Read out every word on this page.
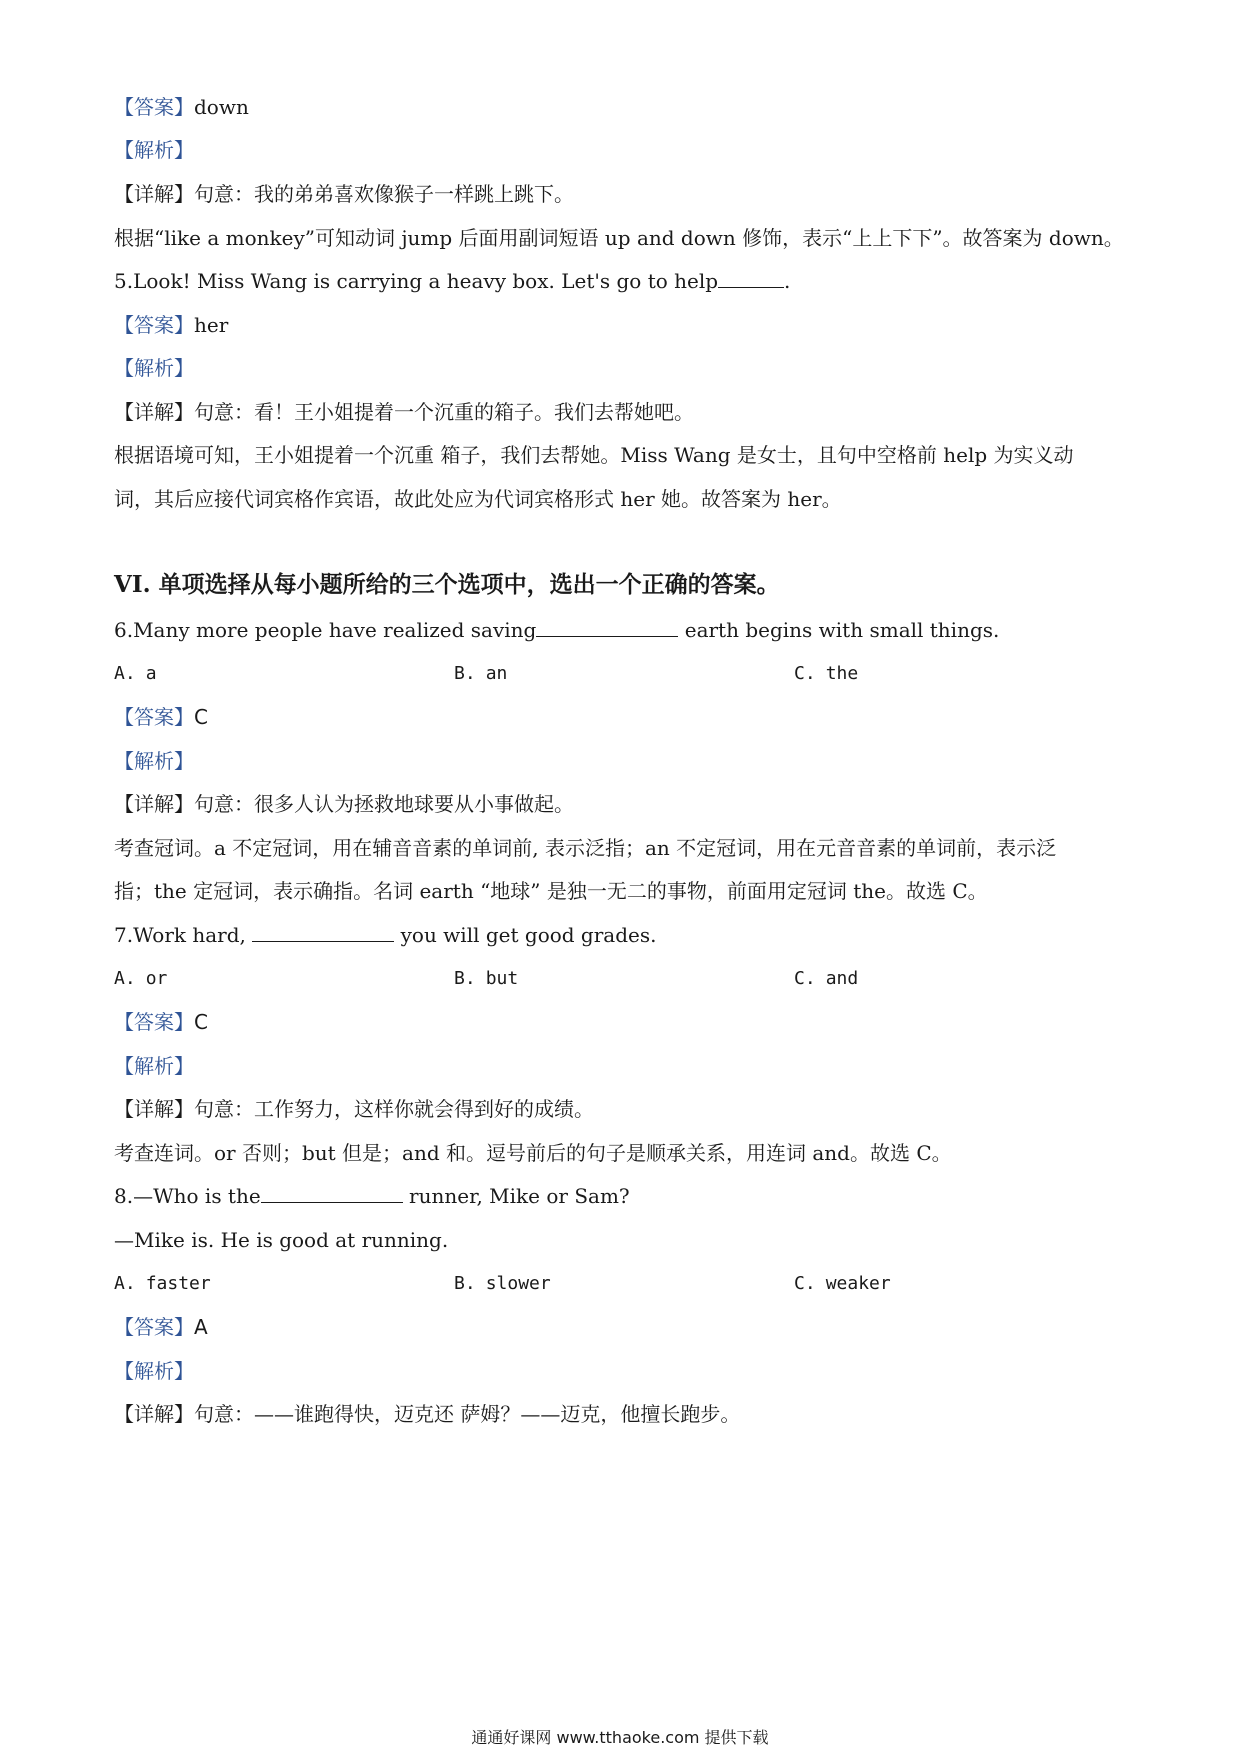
【答案】down
【解析】
【详解】句意：我的弟弟喜欢像猴子一样跳上跳下。
根据“like a monkey”可知动词 jump 后面用副词短语 up and down 修饰，表示“上上下下”。故答案为 down。
5.Look! Miss Wang is carrying a heavy box. Let's go to help	.
【答案】her
【解析】
【详解】句意：看！王小姐提着一个沉重的箱子。我们去帮她吧。
根据语境可知，王小姐提着一个沉重 箱子，我们去帮她。Miss Wang 是女士，且句中空格前 help 为实义动
词，其后应接代词宾格作宾语，故此处应为代词宾格形式 her 她。故答案为 her。
VI. 单项选择从每小题所给的三个选项中，选出一个正确的答案。
6.Many more people have realized saving	earth begins with small things.
A. a	B. an	C. the
【答案】C
【解析】
【详解】句意：很多人认为拯救地球要从小事做起。
考查冠词。a 不定冠词，用在辅音音素的单词前, 表示泛指；an 不定冠词，用在元音音素的单词前，表示泛
指；the 定冠词，表示确指。名词 earth “地球” 是独一无二的事物，前面用定冠词 the。故选 C。
7.Work hard,	you will get good grades.
A. or	B. but	C. and
【答案】C
【解析】
【详解】句意：工作努力，这样你就会得到好的成绩。
考查连词。or 否则；but 但是；and 和。逗号前后的句子是顺承关系，用连词 and。故选 C。
8.—Who is the	runner, Mike or Sam?
—Mike is. He is good at running.
A. faster	B. slower	C. weaker
【答案】A
【解析】
【详解】句意：——谁跑得快，迈克还 萨姆？——迈克，他擅长跑步。
通通好课网 www.tthaoke.com 提供下载
